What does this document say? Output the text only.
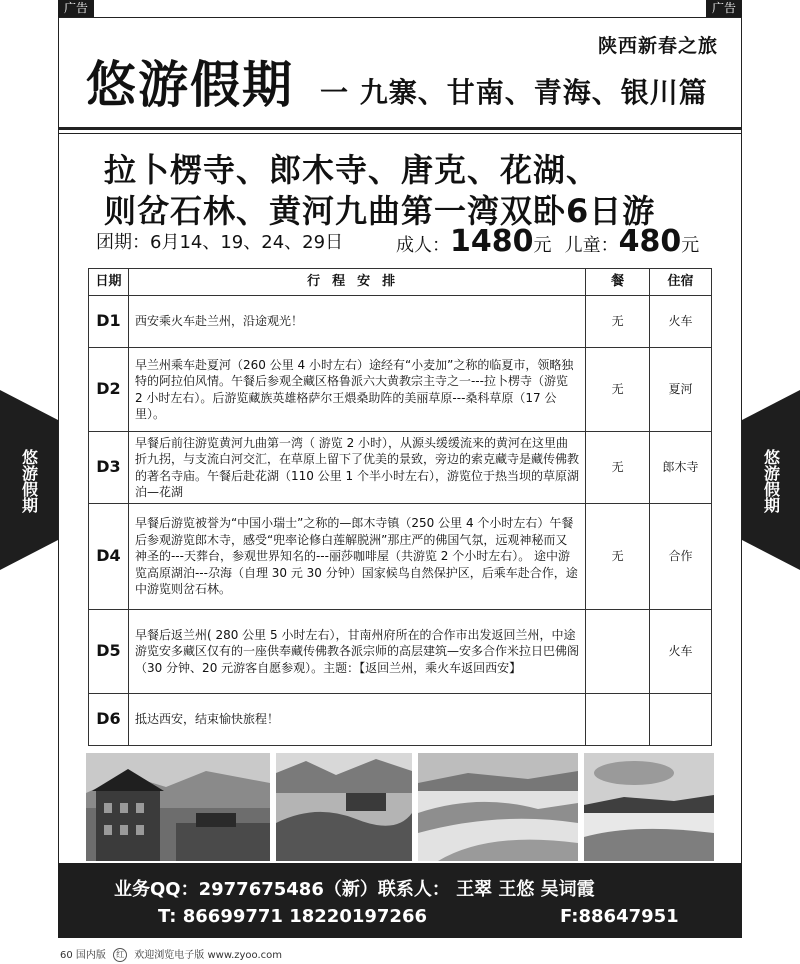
广告	广告
陕西新春之旅
悠游假期 一 九寨、甘南、青海、银川篇
拉卜楞寺、郎木寺、唐克、花湖、
则岔石林、黄河九曲第一湾双卧6日游
团期：6月14、19、24、29日	成人：1480元 儿童：480元
日期	行程安排	餐	住宿
D1	西安乘火车赴兰州，沿途观光！	无	火车
D2	早兰州乘车赴夏河（260 公里 4 小时左右）途经有“小麦加”之称的临夏市，领略独特的阿拉伯风情。午餐后参观全藏区格鲁派六大黄教宗主寺之一---拉卜楞寺（游览 2 小时左右）。后游览藏族英雄格萨尔王煨桑助阵的美丽草原---桑科草原（17 公里）。	无	夏河
D3	早餐后前往游览黄河九曲第一湾（ 游览 2 小时），从源头缓缓流来的黄河在这里曲折九拐，与支流白河交汇，在草原上留下了优美的景致，旁边的索克藏寺是藏传佛教的著名寺庙。午餐后赴花湖（110 公里 1 个半小时左右），游览位于热当坝的草原湖泊—花湖	无	郎木寺
D4	早餐后游览被誉为“中国小瑞士”之称的—郎木寺镇（250 公里 4 个小时左右）午餐后参观游览郎木寺，感受“兜率论修白莲解脱洲”那庄严的佛国气氛，远观神秘而又神圣的---天葬台，参观世界知名的---丽莎咖啡屋（共游览 2 个小时左右）。 途中游览高原湖泊---尕海（自理 30 元 30 分钟）国家候鸟自然保护区，后乘车赴合作，途中游览则岔石林。	无	合作
D5	早餐后返兰州( 280 公里 5 小时左右），甘南州府所在的合作市出发返回兰州，中途游览安多藏区仅有的一座供奉藏传佛教各派宗师的高层建筑—安多合作米拉日巴佛阁（30 分钟、20 元游客自愿参观）。主题：【返回兰州，乘火车返回西安】		火车
D6	抵达西安，结束愉快旅程！		
悠游假期	悠游假期
业务QQ：2977675486（新）联系人： 王翠 王悠 吴词霞
T: 86699771 18220197266	F:88647951
60 国内版 红 欢迎浏览电子版 www.zyoo.com
